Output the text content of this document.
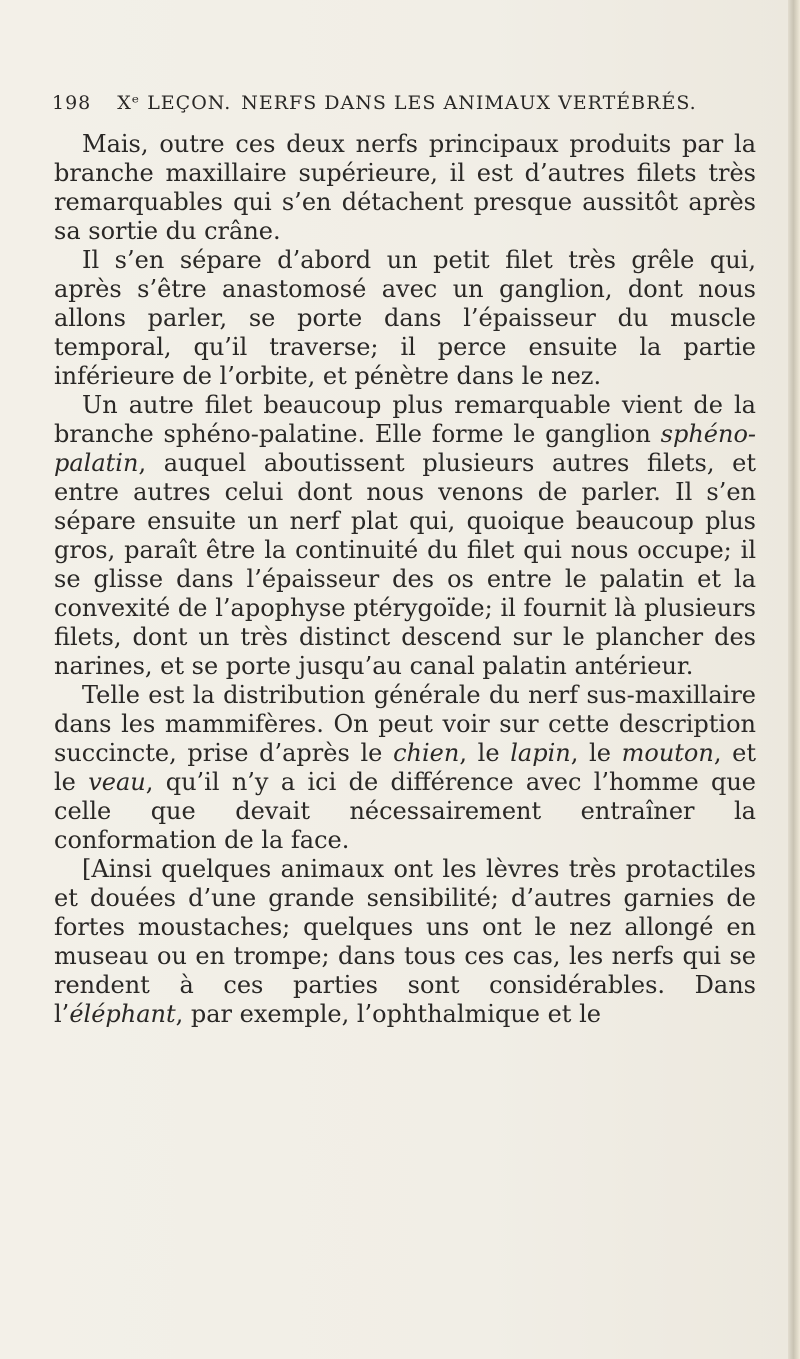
198 Xᵉ LEÇON. NERFS DANS LES ANIMAUX VERTÉBRÉS.

Mais, outre ces deux nerfs principaux produits par la branche maxillaire supérieure, il est d’autres filets très remarquables qui s’en détachent presque aussitôt après sa sortie du crâne.

Il s’en sépare d’abord un petit filet très grêle qui, après s’être anastomosé avec un ganglion, dont nous allons parler, se porte dans l’épaisseur du muscle temporal, qu’il traverse; il perce ensuite la partie inférieure de l’orbite, et pénètre dans le nez.

Un autre filet beaucoup plus remarquable vient de la branche sphéno-palatine. Elle forme le ganglion sphéno-palatin, auquel aboutissent plusieurs autres filets, et entre autres celui dont nous venons de parler. Il s’en sépare ensuite un nerf plat qui, quoique beaucoup plus gros, paraît être la continuité du filet qui nous occupe; il se glisse dans l’épaisseur des os entre le palatin et la convexité de l’apophyse ptérygoïde; il fournit là plusieurs filets, dont un très distinct descend sur le plancher des narines, et se porte jusqu’au canal palatin antérieur.

Telle est la distribution générale du nerf sus-maxillaire dans les mammifères. On peut voir sur cette description succincte, prise d’après le chien, le lapin, le mouton, et le veau, qu’il n’y a ici de différence avec l’homme que celle que devait nécessairement entraîner la conformation de la face.

[Ainsi quelques animaux ont les lèvres très protactiles et douées d’une grande sensibilité; d’autres garnies de fortes moustaches; quelques uns ont le nez allongé en museau ou en trompe; dans tous ces cas, les nerfs qui se rendent à ces parties sont considérables. Dans l’éléphant, par exemple, l’ophthalmique et le
